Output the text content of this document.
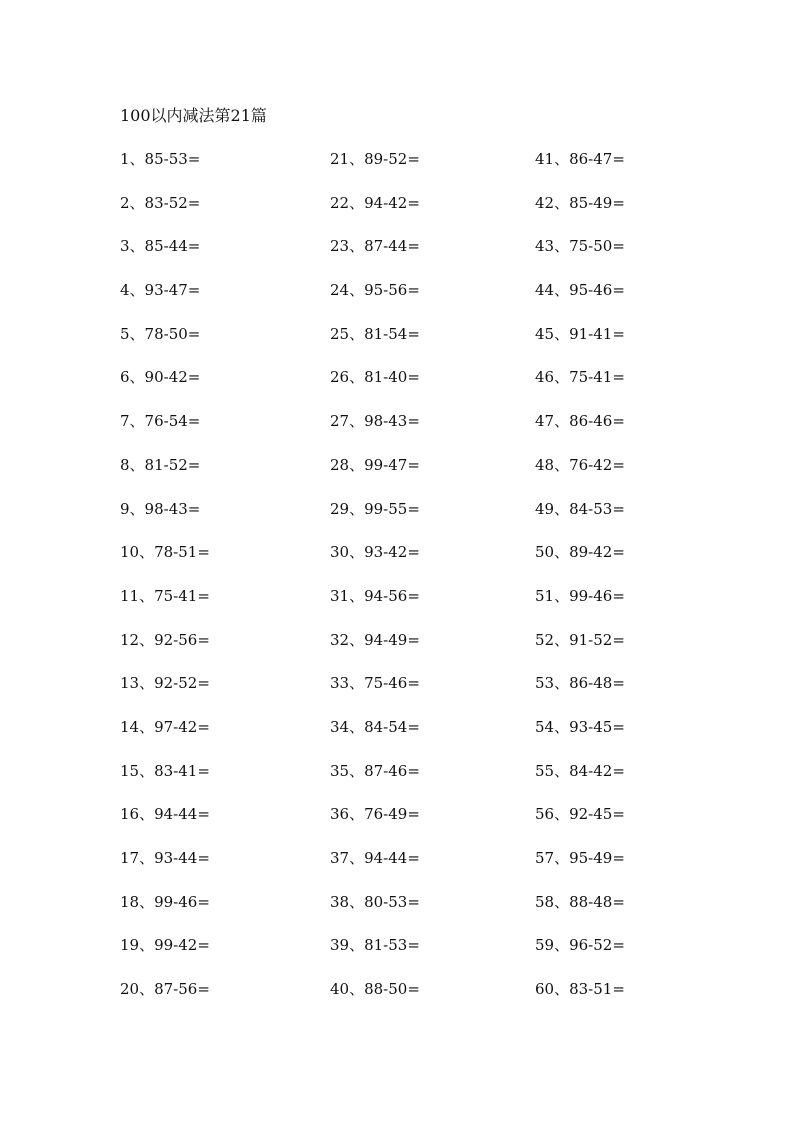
100以内减法第21篇
1、85-53=
2、83-52=
3、85-44=
4、93-47=
5、78-50=
6、90-42=
7、76-54=
8、81-52=
9、98-43=
10、78-51=
11、75-41=
12、92-56=
13、92-52=
14、97-42=
15、83-41=
16、94-44=
17、93-44=
18、99-46=
19、99-42=
20、87-56=
21、89-52=
22、94-42=
23、87-44=
24、95-56=
25、81-54=
26、81-40=
27、98-43=
28、99-47=
29、99-55=
30、93-42=
31、94-56=
32、94-49=
33、75-46=
34、84-54=
35、87-46=
36、76-49=
37、94-44=
38、80-53=
39、81-53=
40、88-50=
41、86-47=
42、85-49=
43、75-50=
44、95-46=
45、91-41=
46、75-41=
47、86-46=
48、76-42=
49、84-53=
50、89-42=
51、99-46=
52、91-52=
53、86-48=
54、93-45=
55、84-42=
56、92-45=
57、95-49=
58、88-48=
59、96-52=
60、83-51=
